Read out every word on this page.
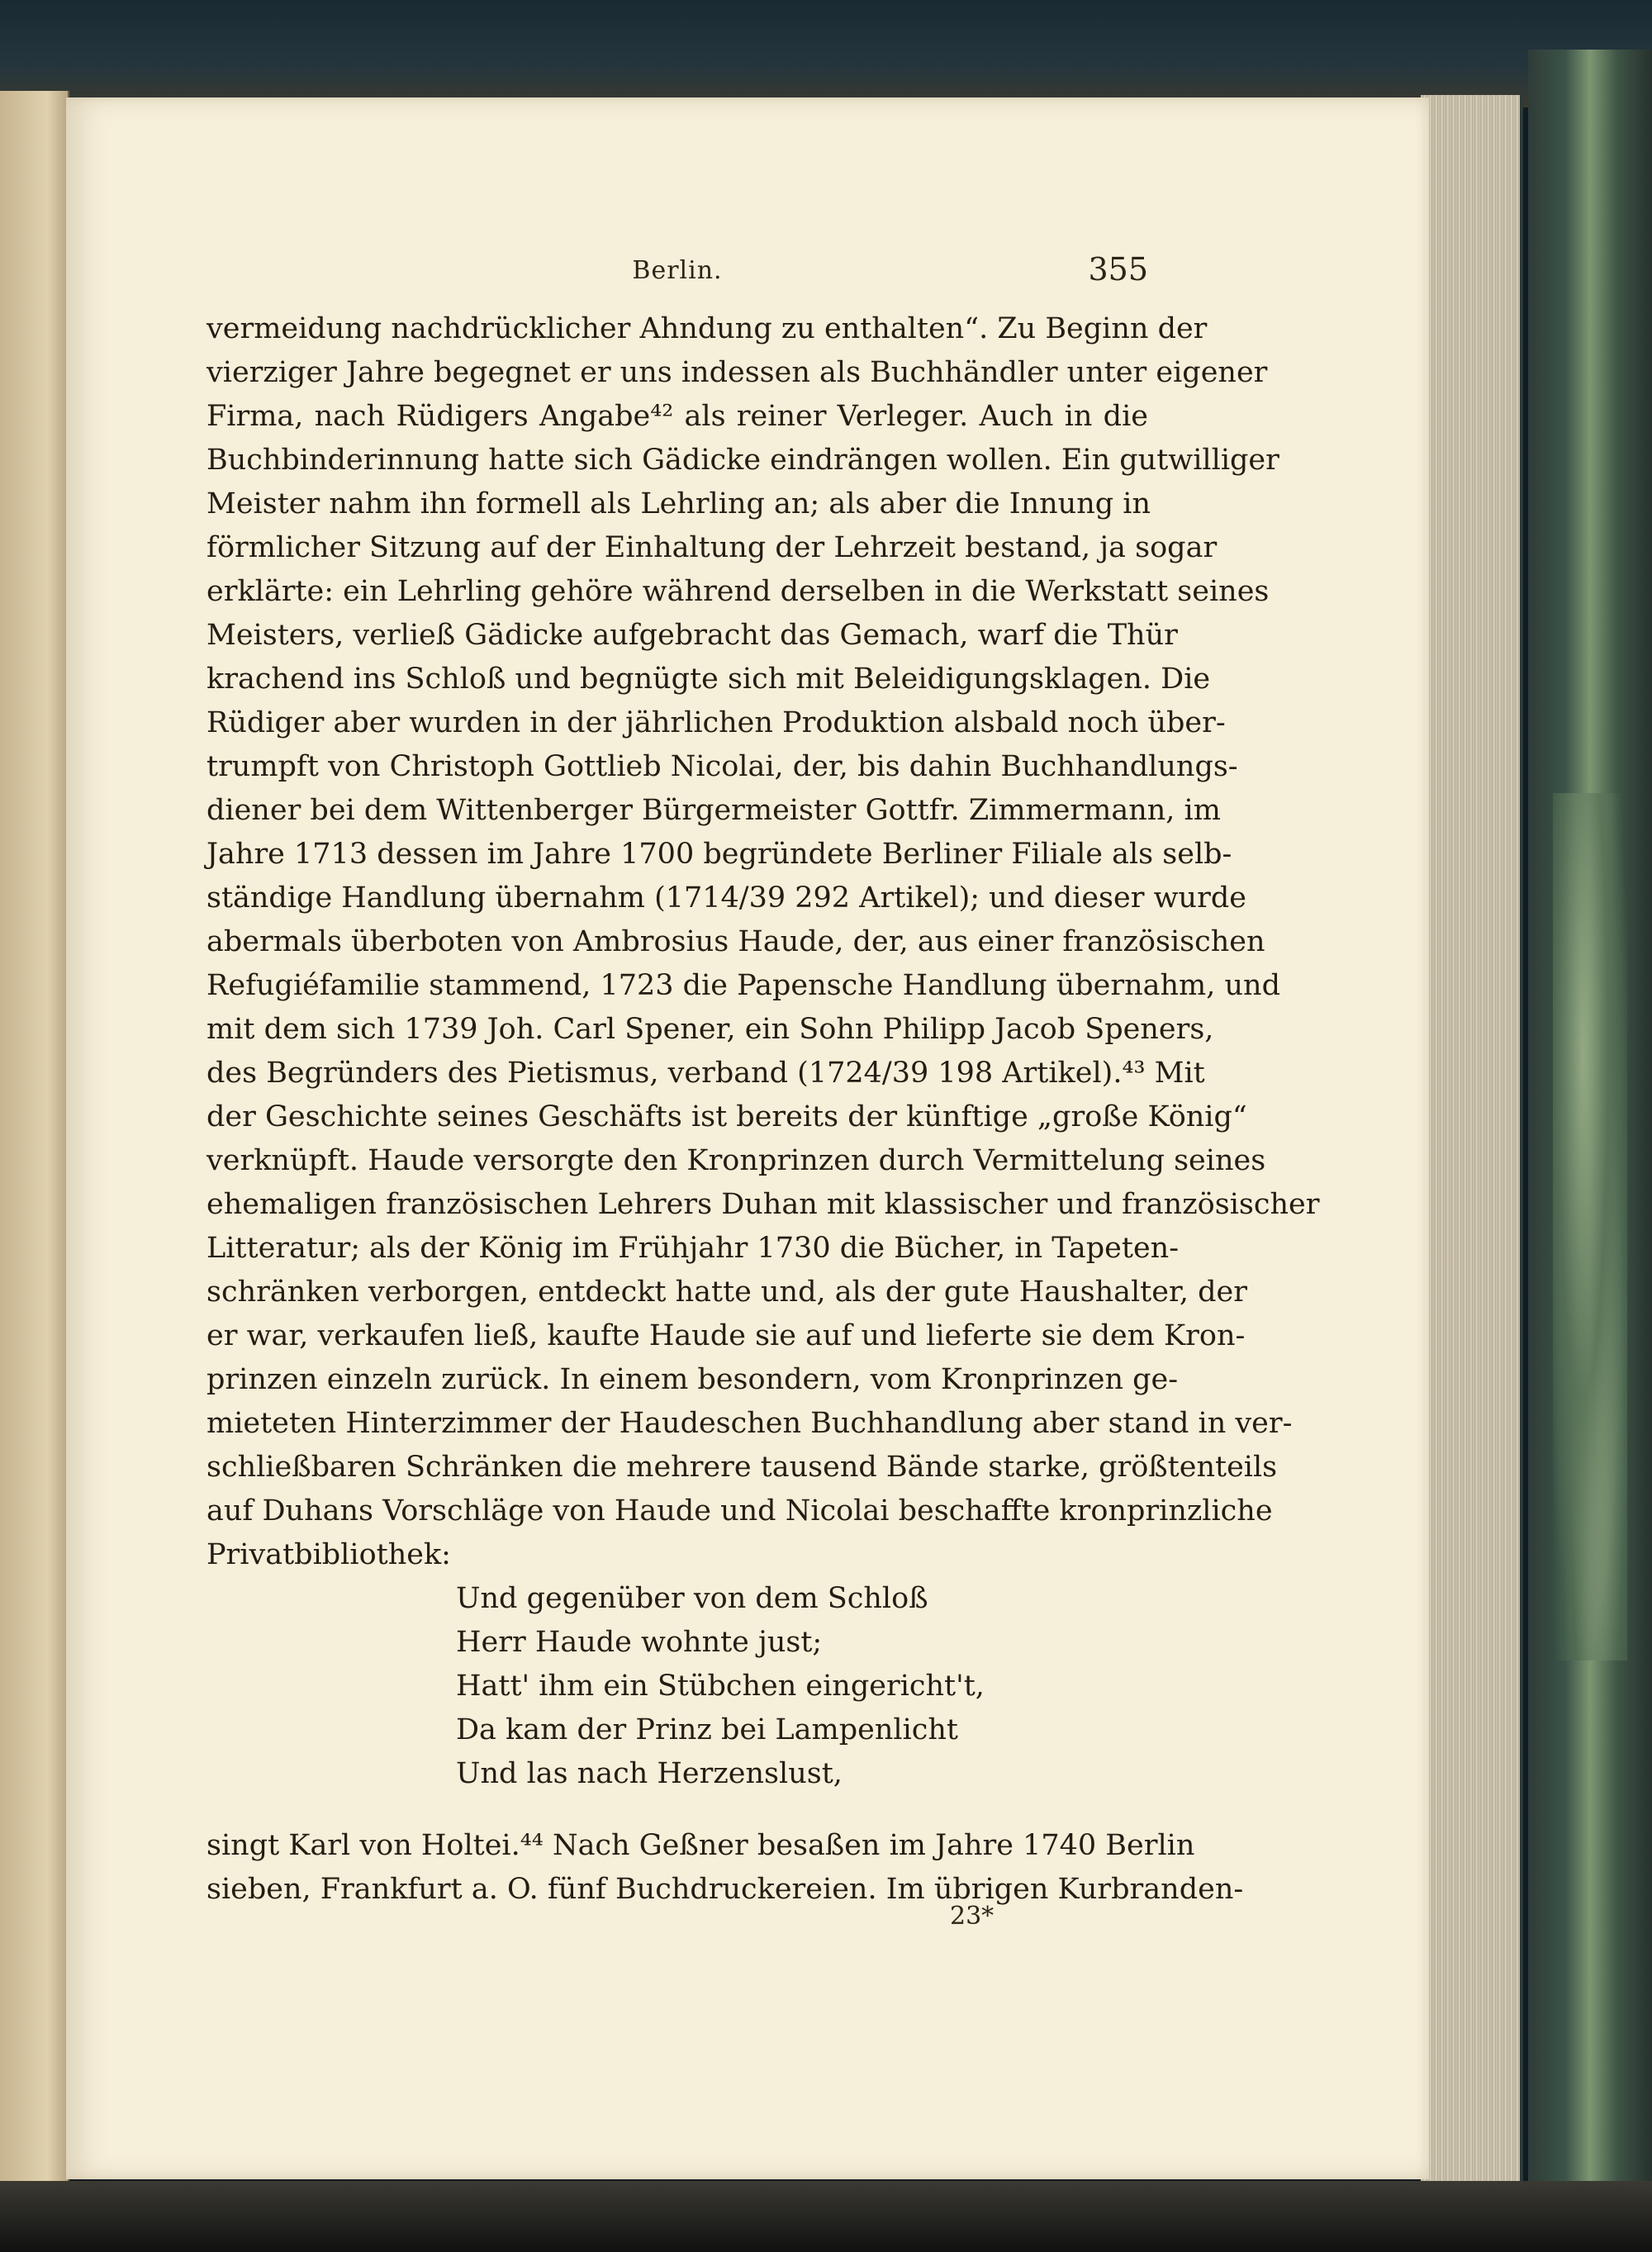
Berlin.	355
vermeidung nachdrücklicher Ahndung zu enthalten“. Zu Beginn der
vierziger Jahre begegnet er uns indessen als Buchhändler unter eigener
Firma, nach Rüdigers Angabe⁴² als reiner Verleger. Auch in die
Buchbinderinnung hatte sich Gädicke eindrängen wollen. Ein gutwilliger
Meister nahm ihn formell als Lehrling an; als aber die Innung in
förmlicher Sitzung auf der Einhaltung der Lehrzeit bestand, ja sogar
erklärte: ein Lehrling gehöre während derselben in die Werkstatt seines
Meisters, verließ Gädicke aufgebracht das Gemach, warf die Thür
krachend ins Schloß und begnügte sich mit Beleidigungsklagen. Die
Rüdiger aber wurden in der jährlichen Produktion alsbald noch über-
trumpft von Christoph Gottlieb Nicolai, der, bis dahin Buchhandlungs-
diener bei dem Wittenberger Bürgermeister Gottfr. Zimmermann, im
Jahre 1713 dessen im Jahre 1700 begründete Berliner Filiale als selb-
ständige Handlung übernahm (1714/39 292 Artikel); und dieser wurde
abermals überboten von Ambrosius Haude, der, aus einer französischen
Refugiéfamilie stammend, 1723 die Papensche Handlung übernahm, und
mit dem sich 1739 Joh. Carl Spener, ein Sohn Philipp Jacob Speners,
des Begründers des Pietismus, verband (1724/39 198 Artikel).⁴³ Mit
der Geschichte seines Geschäfts ist bereits der künftige „große König“
verknüpft. Haude versorgte den Kronprinzen durch Vermittelung seines
ehemaligen französischen Lehrers Duhan mit klassischer und französischer
Litteratur; als der König im Frühjahr 1730 die Bücher, in Tapeten-
schränken verborgen, entdeckt hatte und, als der gute Haushalter, der
er war, verkaufen ließ, kaufte Haude sie auf und lieferte sie dem Kron-
prinzen einzeln zurück. In einem besondern, vom Kronprinzen ge-
mieteten Hinterzimmer der Haudeschen Buchhandlung aber stand in ver-
schließbaren Schränken die mehrere tausend Bände starke, größtenteils
auf Duhans Vorschläge von Haude und Nicolai beschaffte kronprinzliche
Privatbibliothek:
Und gegenüber von dem Schloß
Herr Haude wohnte just;
Hatt' ihm ein Stübchen eingericht't,
Da kam der Prinz bei Lampenlicht
Und las nach Herzenslust,
singt Karl von Holtei.⁴⁴ Nach Geßner besaßen im Jahre 1740 Berlin
sieben, Frankfurt a. O. fünf Buchdruckereien. Im übrigen Kurbranden-
23*
